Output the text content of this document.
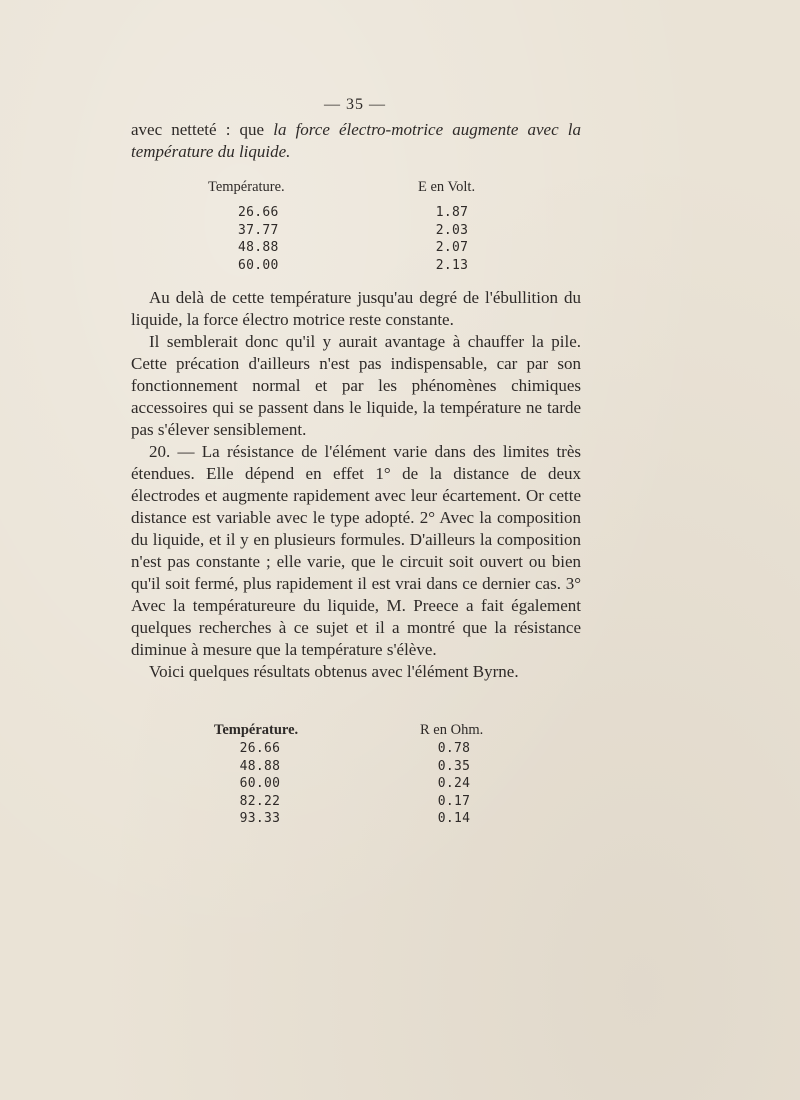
— 35 —

avec netteté : que la force électro-motrice augmente avec la température du liquide.

Température.	E en Volt.
26.66
37.77
48.88
60.00
1.87
2.03
2.07
2.13

Au delà de cette température jusqu'au degré de l'ébullition du liquide, la force électro motrice reste constante.

Il semblerait donc qu'il y aurait avantage à chauffer la pile. Cette précation d'ailleurs n'est pas indispensable, car par son fonctionnement normal et par les phénomènes chimiques accessoires qui se passent dans le liquide, la température ne tarde pas s'élever sensiblement.

20. — La résistance de l'élément varie dans des limites très étendues. Elle dépend en effet 1° de la distance de deux électrodes et augmente rapidement avec leur écartement. Or cette distance est variable avec le type adopté. 2° Avec la composition du liquide, et il y en plusieurs formules. D'ailleurs la composition n'est pas constante ; elle varie, que le circuit soit ouvert ou bien qu'il soit fermé, plus rapidement il est vrai dans ce dernier cas. 3° Avec la températureure du liquide, M. Preece a fait également quelques recherches à ce sujet et il a montré que la résistance diminue à mesure que la température s'élève.

Voici quelques résultats obtenus avec l'élément Byrne.

Température.	R en Ohm.
26.66
48.88
60.00
82.22
93.33
0.78
0.35
0.24
0.17
0.14
